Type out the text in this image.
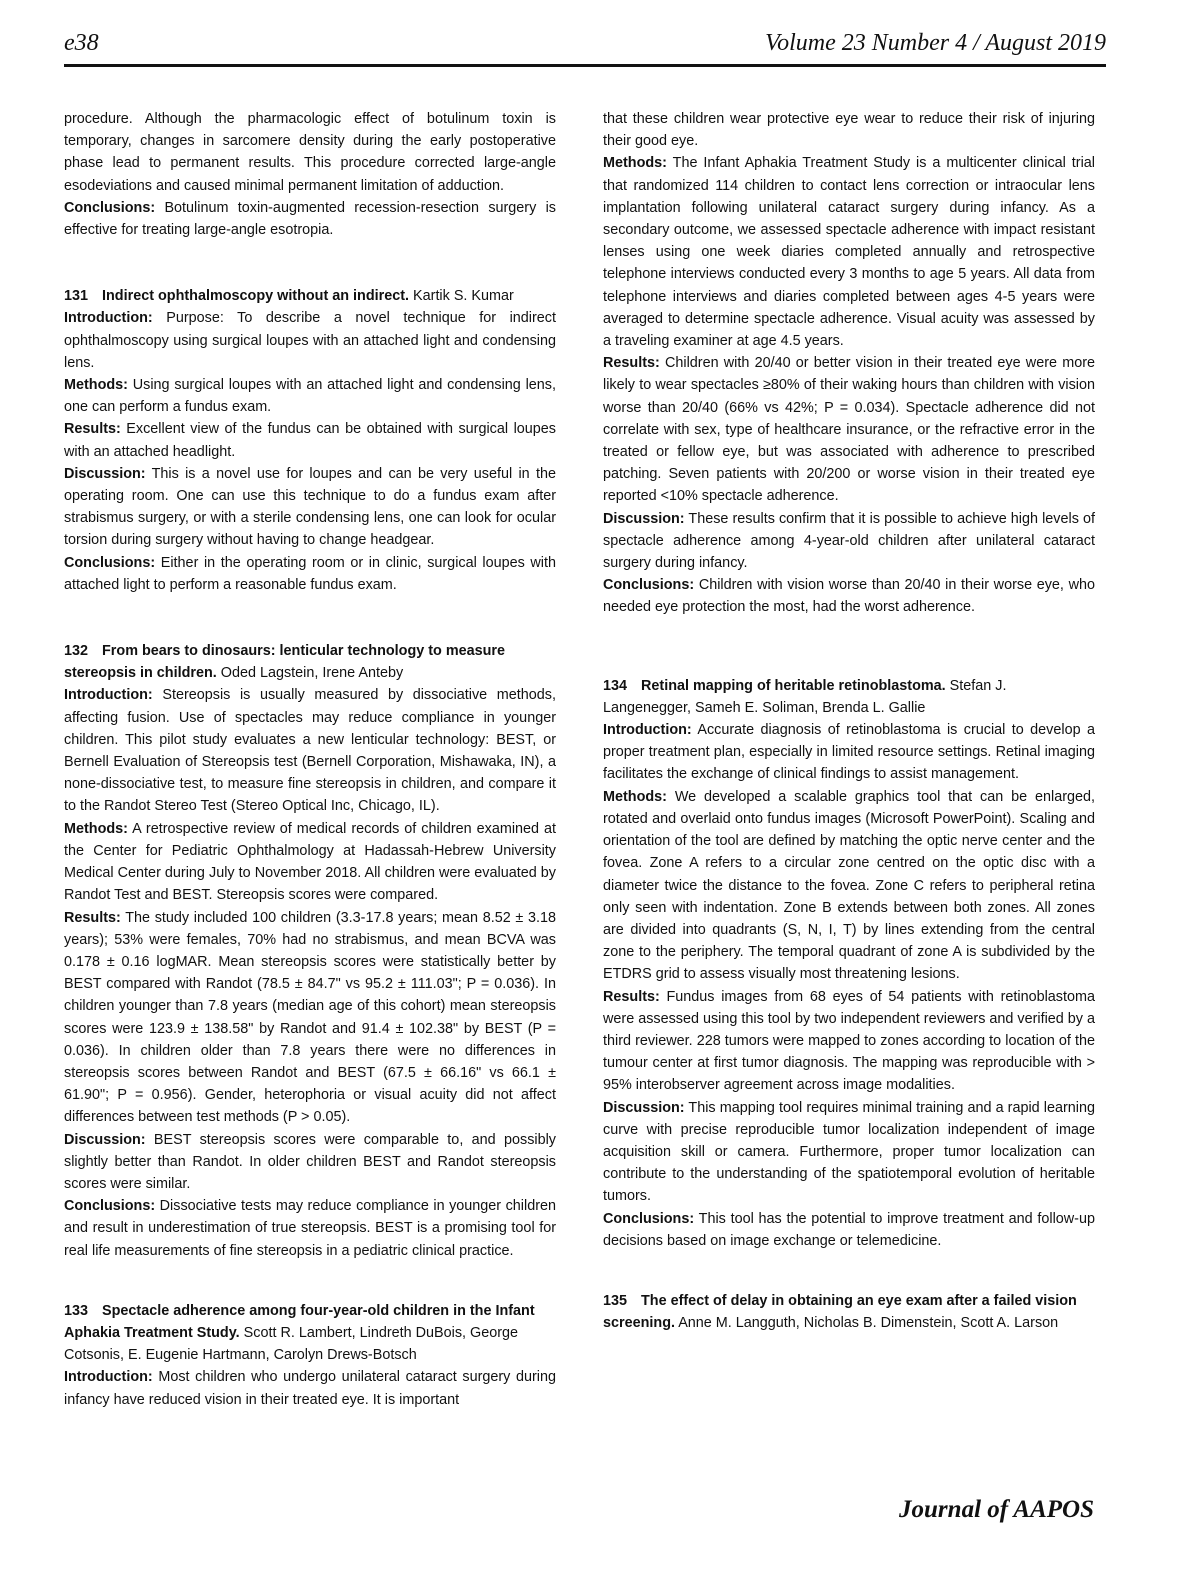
e38	Volume 23 Number 4 / August 2019

procedure. Although the pharmacologic effect of botulinum toxin is temporary, changes in sarcomere density during the early postoperative phase lead to permanent results. This procedure corrected large-angle esodeviations and caused minimal permanent limitation of adduction.

Conclusions: Botulinum toxin-augmented recession-resection surgery is effective for treating large-angle esotropia.

131 Indirect ophthalmoscopy without an indirect. Kartik S. Kumar

Introduction: Purpose: To describe a novel technique for indirect ophthalmoscopy using surgical loupes with an attached light and condensing lens.

Methods: Using surgical loupes with an attached light and condensing lens, one can perform a fundus exam.

Results: Excellent view of the fundus can be obtained with surgical loupes with an attached headlight.

Discussion: This is a novel use for loupes and can be very useful in the operating room. One can use this technique to do a fundus exam after strabismus surgery, or with a sterile condensing lens, one can look for ocular torsion during surgery without having to change headgear.

Conclusions: Either in the operating room or in clinic, surgical loupes with attached light to perform a reasonable fundus exam.

132 From bears to dinosaurs: lenticular technology to measure stereopsis in children. Oded Lagstein, Irene Anteby

Introduction: Stereopsis is usually measured by dissociative methods, affecting fusion. Use of spectacles may reduce compliance in younger children. This pilot study evaluates a new lenticular technology: BEST, or Bernell Evaluation of Stereopsis test (Bernell Corporation, Mishawaka, IN), a none-dissociative test, to measure fine stereopsis in children, and compare it to the Randot Stereo Test (Stereo Optical Inc, Chicago, IL).

Methods: A retrospective review of medical records of children examined at the Center for Pediatric Ophthalmology at Hadassah-Hebrew University Medical Center during July to November 2018. All children were evaluated by Randot Test and BEST. Stereopsis scores were compared.

Results: The study included 100 children (3.3-17.8 years; mean 8.52 ± 3.18 years); 53% were females, 70% had no strabismus, and mean BCVA was 0.178 ± 0.16 logMAR. Mean stereopsis scores were statistically better by BEST compared with Randot (78.5 ± 84.7" vs 95.2 ± 111.03"; P = 0.036). In children younger than 7.8 years (median age of this cohort) mean stereopsis scores were 123.9 ± 138.58" by Randot and 91.4 ± 102.38" by BEST (P = 0.036). In children older than 7.8 years there were no differences in stereopsis scores between Randot and BEST (67.5 ± 66.16" vs 66.1 ± 61.90"; P = 0.956). Gender, heterophoria or visual acuity did not affect differences between test methods (P > 0.05).

Discussion: BEST stereopsis scores were comparable to, and possibly slightly better than Randot. In older children BEST and Randot stereopsis scores were similar.

Conclusions: Dissociative tests may reduce compliance in younger children and result in underestimation of true stereopsis. BEST is a promising tool for real life measurements of fine stereopsis in a pediatric clinical practice.

133 Spectacle adherence among four-year-old children in the Infant Aphakia Treatment Study. Scott R. Lambert, Lindreth DuBois, George Cotsonis, E. Eugenie Hartmann, Carolyn Drews-Botsch

Introduction: Most children who undergo unilateral cataract surgery during infancy have reduced vision in their treated eye. It is important

that these children wear protective eye wear to reduce their risk of injuring their good eye.

Methods: The Infant Aphakia Treatment Study is a multicenter clinical trial that randomized 114 children to contact lens correction or intraocular lens implantation following unilateral cataract surgery during infancy. As a secondary outcome, we assessed spectacle adherence with impact resistant lenses using one week diaries completed annually and retrospective telephone interviews conducted every 3 months to age 5 years. All data from telephone interviews and diaries completed between ages 4-5 years were averaged to determine spectacle adherence. Visual acuity was assessed by a traveling examiner at age 4.5 years.

Results: Children with 20/40 or better vision in their treated eye were more likely to wear spectacles ≥80% of their waking hours than children with vision worse than 20/40 (66% vs 42%; P = 0.034). Spectacle adherence did not correlate with sex, type of healthcare insurance, or the refractive error in the treated or fellow eye, but was associated with adherence to prescribed patching. Seven patients with 20/200 or worse vision in their treated eye reported <10% spectacle adherence.

Discussion: These results confirm that it is possible to achieve high levels of spectacle adherence among 4-year-old children after unilateral cataract surgery during infancy.

Conclusions: Children with vision worse than 20/40 in their worse eye, who needed eye protection the most, had the worst adherence.

134 Retinal mapping of heritable retinoblastoma. Stefan J. Langenegger, Sameh E. Soliman, Brenda L. Gallie

Introduction: Accurate diagnosis of retinoblastoma is crucial to develop a proper treatment plan, especially in limited resource settings. Retinal imaging facilitates the exchange of clinical findings to assist management.

Methods: We developed a scalable graphics tool that can be enlarged, rotated and overlaid onto fundus images (Microsoft PowerPoint). Scaling and orientation of the tool are defined by matching the optic nerve center and the fovea. Zone A refers to a circular zone centred on the optic disc with a diameter twice the distance to the fovea. Zone C refers to peripheral retina only seen with indentation. Zone B extends between both zones. All zones are divided into quadrants (S, N, I, T) by lines extending from the central zone to the periphery. The temporal quadrant of zone A is subdivided by the ETDRS grid to assess visually most threatening lesions.

Results: Fundus images from 68 eyes of 54 patients with retinoblastoma were assessed using this tool by two independent reviewers and verified by a third reviewer. 228 tumors were mapped to zones according to location of the tumour center at first tumor diagnosis. The mapping was reproducible with > 95% interobserver agreement across image modalities.

Discussion: This mapping tool requires minimal training and a rapid learning curve with precise reproducible tumor localization independent of image acquisition skill or camera. Furthermore, proper tumor localization can contribute to the understanding of the spatiotemporal evolution of heritable tumors.

Conclusions: This tool has the potential to improve treatment and follow-up decisions based on image exchange or telemedicine.

135 The effect of delay in obtaining an eye exam after a failed vision screening. Anne M. Langguth, Nicholas B. Dimenstein, Scott A. Larson

Journal of AAPOS
